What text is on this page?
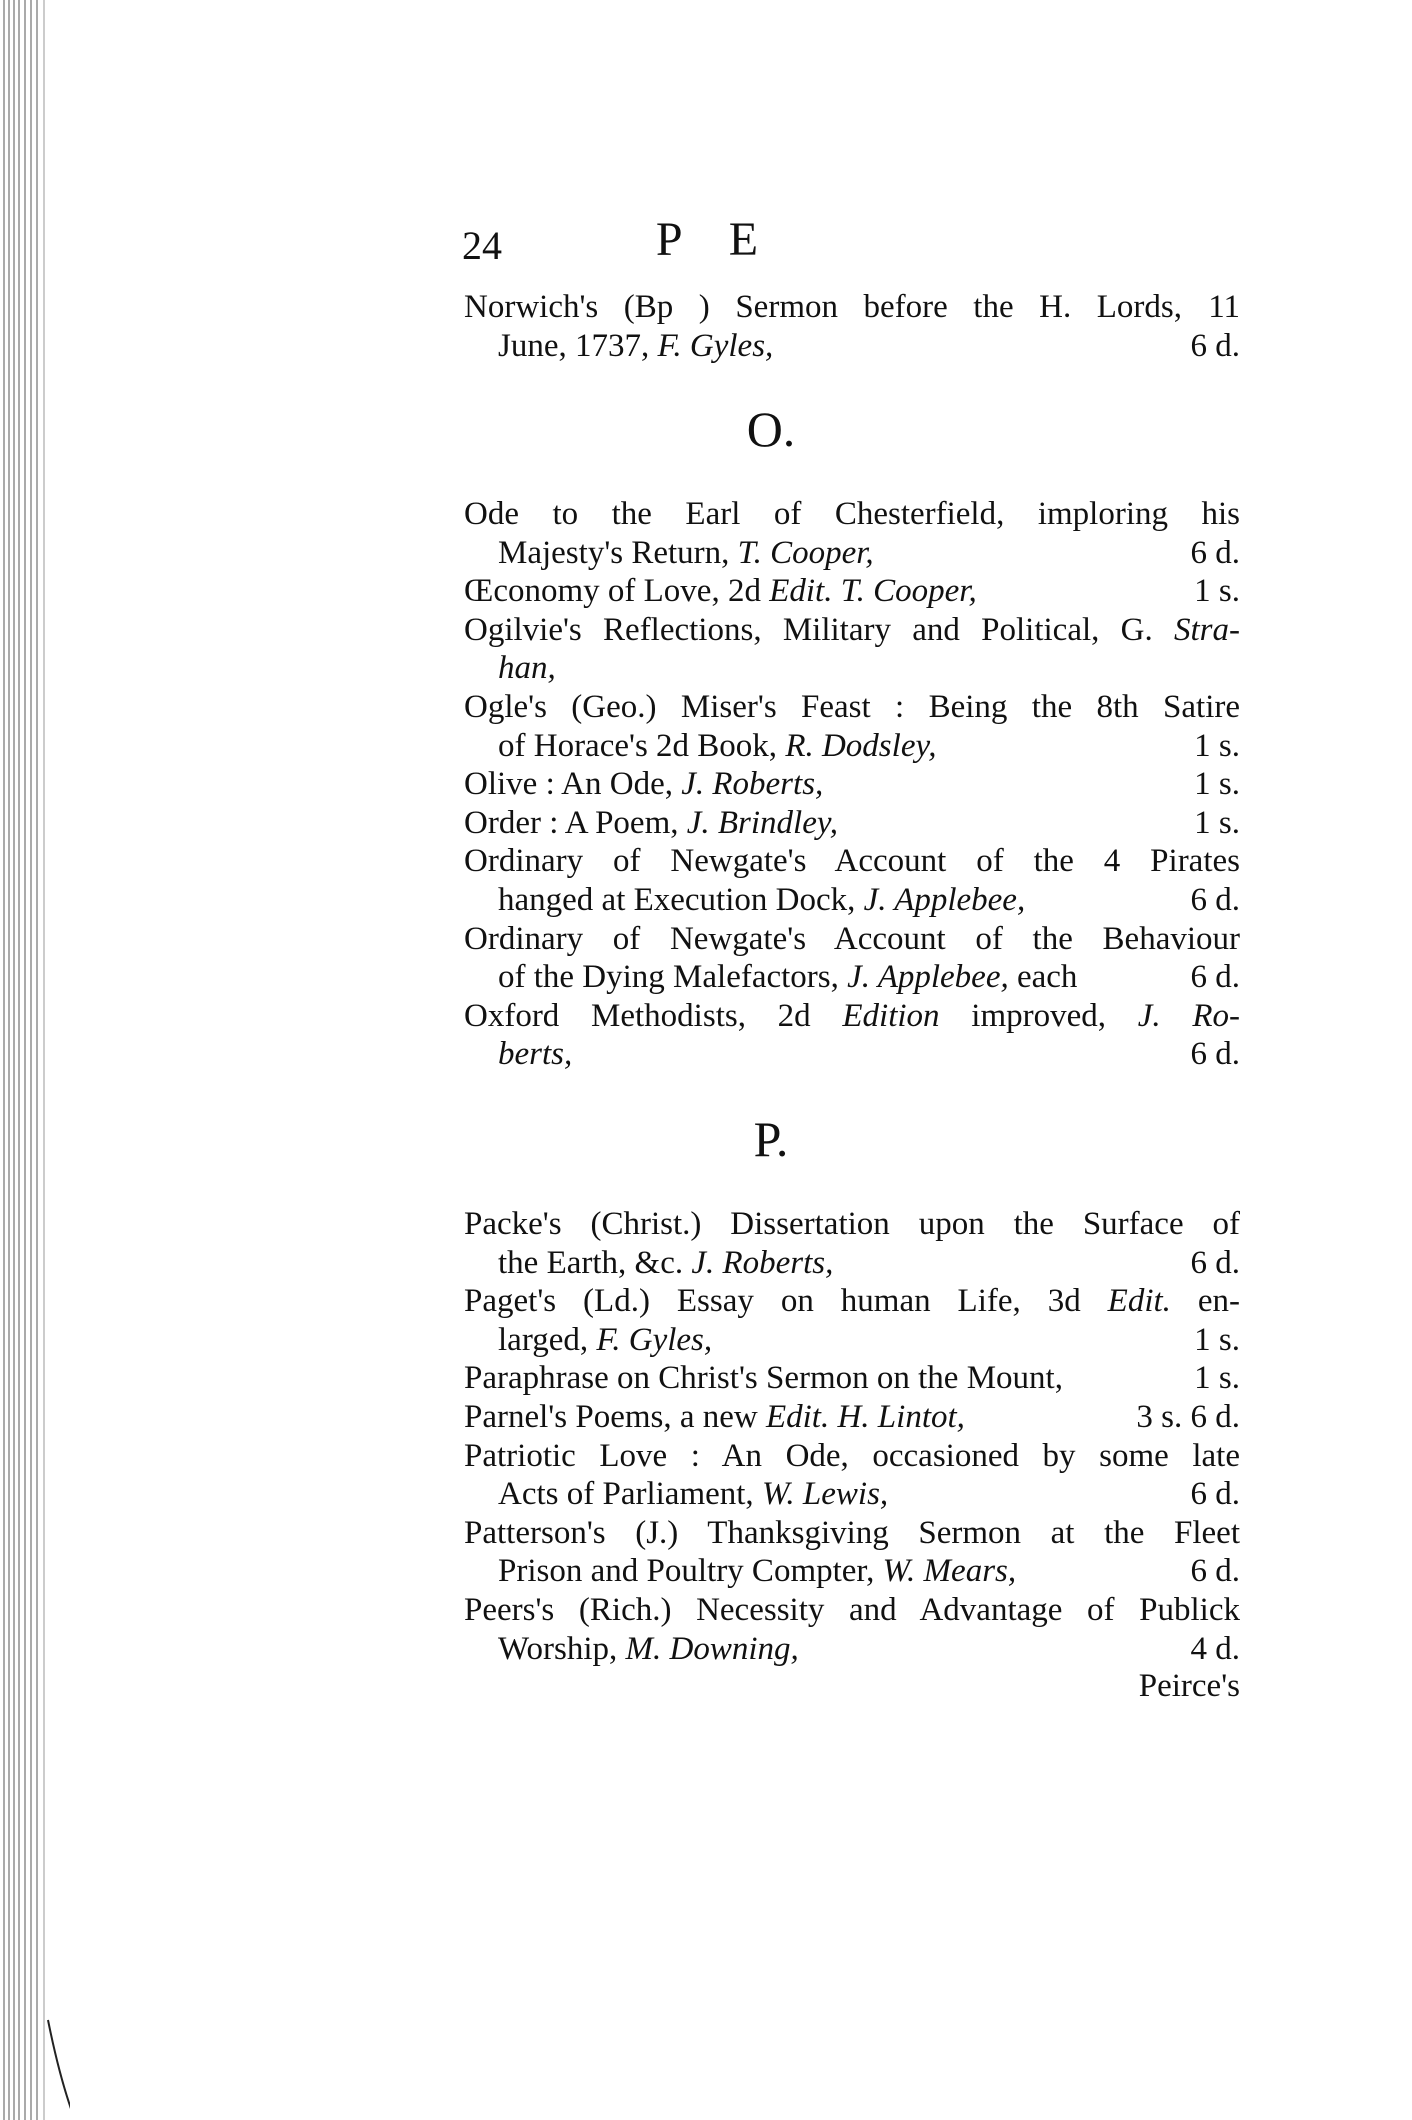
24	P E
Norwich's (Bp ) Sermon before the H. Lords, 11
June, 1737, F. Gyles,	6 d.
O.
Ode to the Earl of Chesterfield, imploring his
Majesty's Return, T. Cooper,	6 d.
Œconomy of Love, 2d Edit. T. Cooper,	1 s.
Ogilvie's Reflections, Military and Political, G. Stra-
han,
Ogle's (Geo.) Miser's Feast : Being the 8th Satire
of Horace's 2d Book, R. Dodsley,	1 s.
Olive : An Ode, J. Roberts,	1 s.
Order : A Poem, J. Brindley,	1 s.
Ordinary of Newgate's Account of the 4 Pirates
hanged at Execution Dock, J. Applebee,	6 d.
Ordinary of Newgate's Account of the Behaviour
of the Dying Malefactors, J. Applebee, each	6 d.
Oxford Methodists, 2d Edition improved, J. Ro-
berts,	6 d.
P.
Packe's (Christ.) Dissertation upon the Surface of
the Earth, &c. J. Roberts,	6 d.
Paget's (Ld.) Essay on human Life, 3d Edit. en-
larged, F. Gyles,	1 s.
Paraphrase on Christ's Sermon on the Mount,	1 s.
Parnel's Poems, a new Edit. H. Lintot,	3 s. 6 d.
Patriotic Love : An Ode, occasioned by some late
Acts of Parliament, W. Lewis,	6 d.
Patterson's (J.) Thanksgiving Sermon at the Fleet
Prison and Poultry Compter, W. Mears,	6 d.
Peers's (Rich.) Necessity and Advantage of Publick
Worship, M. Downing,	4 d.
Peirce's
